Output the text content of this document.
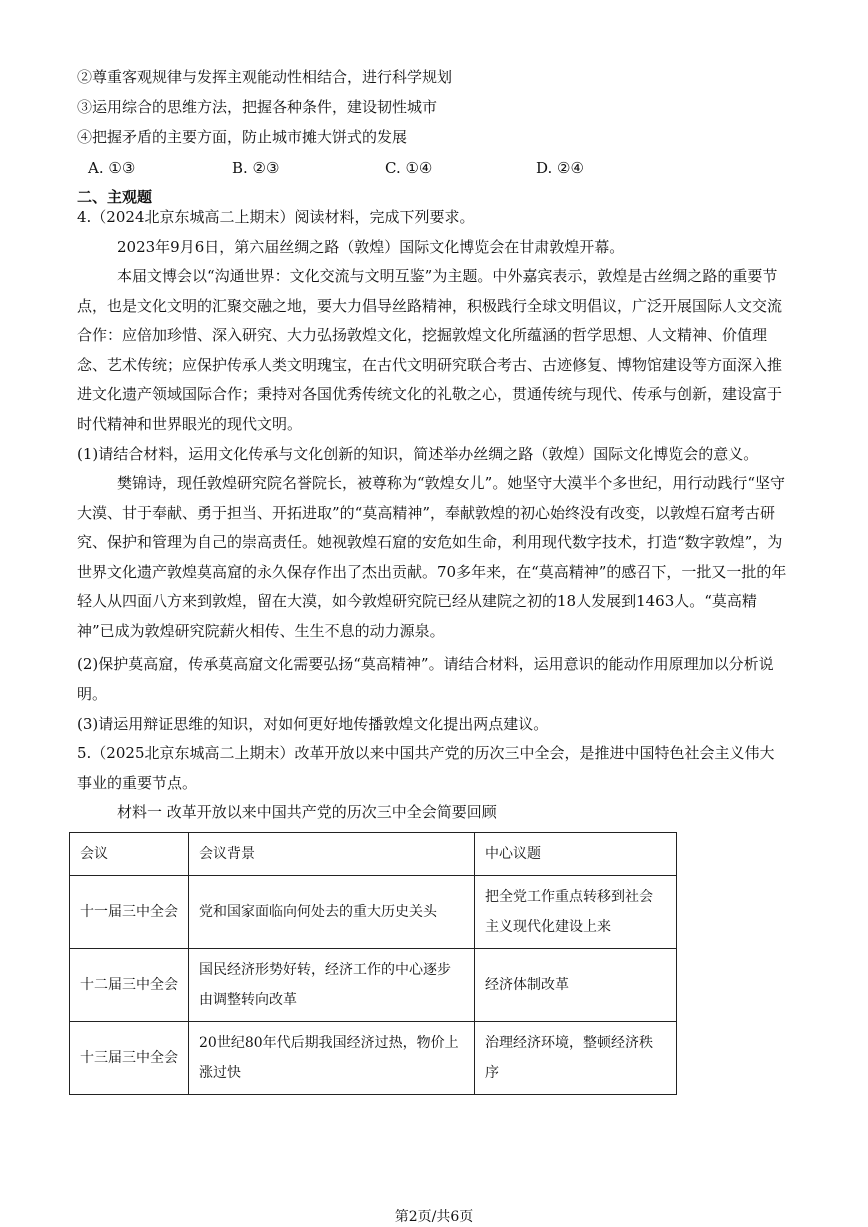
②尊重客观规律与发挥主观能动性相结合，进行科学规划
③运用综合的思维方法，把握各种条件，建设韧性城市
④把握矛盾的主要方面，防止城市摊大饼式的发展
A. ①③	B. ②③	C. ①④	D. ②④
二、主观题
4.（2024北京东城高二上期末）阅读材料，完成下列要求。
2023年9月6日，第六届丝绸之路（敦煌）国际文化博览会在甘肃敦煌开幕。
本届文博会以“沟通世界：文化交流与文明互鉴”为主题。中外嘉宾表示，敦煌是古丝绸之路的重要节点，也是文化文明的汇聚交融之地，要大力倡导丝路精神，积极践行全球文明倡议，广泛开展国际人文交流合作：应倍加珍惜、深入研究、大力弘扬敦煌文化，挖掘敦煌文化所蕴涵的哲学思想、人文精神、价值理念、艺术传统；应保护传承人类文明瑰宝，在古代文明研究联合考古、古迹修复、博物馆建设等方面深入推进文化遗产领域国际合作；秉持对各国优秀传统文化的礼敬之心，贯通传统与现代、传承与创新，建设富于时代精神和世界眼光的现代文明。
(1)请结合材料，运用文化传承与文化创新的知识，简述举办丝绸之路（敦煌）国际文化博览会的意义。
樊锦诗，现任敦煌研究院名誉院长，被尊称为“敦煌女儿”。她坚守大漠半个多世纪，用行动践行“坚守大漠、甘于奉献、勇于担当、开拓进取”的“莫高精神”，奉献敦煌的初心始终没有改变，以敦煌石窟考古研究、保护和管理为自己的崇高责任。她视敦煌石窟的安危如生命，利用现代数字技术，打造“数字敦煌”，为世界文化遗产敦煌莫高窟的永久保存作出了杰出贡献。70多年来，在“莫高精神”的感召下，一批又一批的年轻人从四面八方来到敦煌，留在大漠，如今敦煌研究院已经从建院之初的18人发展到1463人。“莫高精神”已成为敦煌研究院薪火相传、生生不息的动力源泉。
(2)保护莫高窟，传承莫高窟文化需要弘扬“莫高精神”。请结合材料，运用意识的能动作用原理加以分析说明。
(3)请运用辩证思维的知识，对如何更好地传播敦煌文化提出两点建议。
5.（2025北京东城高二上期末）改革开放以来中国共产党的历次三中全会，是推进中国特色社会主义伟大事业的重要节点。
材料一 改革开放以来中国共产党的历次三中全会简要回顾
会议	会议背景	中心议题
十一届三中全会	党和国家面临向何处去的重大历史关头	把全党工作重点转移到社会主义现代化建设上来
十二届三中全会	国民经济形势好转，经济工作的中心逐步由调整转向改革	经济体制改革
十三届三中全会	20世纪80年代后期我国经济过热，物价上涨过快	治理经济环境，整顿经济秩序
第2页/共6页
